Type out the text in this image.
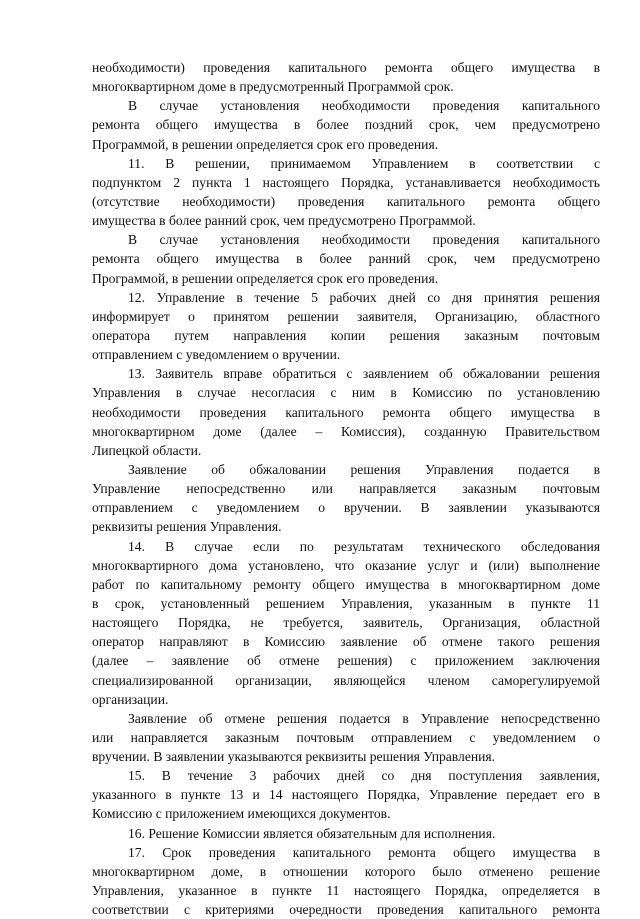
необходимости) проведения капитального ремонта общего имущества в
многоквартирном доме в предусмотренный Программой срок.

В случае установления необходимости проведения капитального
ремонта общего имущества в более поздний срок, чем предусмотрено
Программой, в решении определяется срок его проведения.

11. В решении, принимаемом Управлением в соответствии с
подпунктом 2 пункта 1 настоящего Порядка, устанавливается необходимость
(отсутствие необходимости) проведения капитального ремонта общего
имущества в более ранний срок, чем предусмотрено Программой.

В случае установления необходимости проведения капитального
ремонта общего имущества в более ранний срок, чем предусмотрено
Программой, в решении определяется срок его проведения.

12. Управление в течение 5 рабочих дней со дня принятия решения
информирует о принятом решении заявителя, Организацию, областного
оператора путем направления копии решения заказным почтовым
отправлением с уведомлением о вручении.

13. Заявитель вправе обратиться с заявлением об обжаловании решения
Управления в случае несогласия с ним в Комиссию по установлению
необходимости проведения капитального ремонта общего имущества в
многоквартирном доме (далее – Комиссия), созданную Правительством
Липецкой области.

Заявление об обжаловании решения Управления подается в
Управление непосредственно или направляется заказным почтовым
отправлением с уведомлением о вручении. В заявлении указываются
реквизиты решения Управления.

14. В случае если по результатам технического обследования
многоквартирного дома установлено, что оказание услуг и (или) выполнение
работ по капитальному ремонту общего имущества в многоквартирном доме
в срок, установленный решением Управления, указанным в пункте 11
настоящего Порядка, не требуется, заявитель, Организация, областной
оператор направляют в Комиссию заявление об отмене такого решения
(далее – заявление об отмене решения) с приложением заключения
специализированной организации, являющейся членом саморегулируемой
организации.

Заявление об отмене решения подается в Управление непосредственно
или направляется заказным почтовым отправлением с уведомлением о
вручении. В заявлении указываются реквизиты решения Управления.

15. В течение 3 рабочих дней со дня поступления заявления,
указанного в пункте 13 и 14 настоящего Порядка, Управление передает его в
Комиссию с приложением имеющихся документов.

16. Решение Комиссии является обязательным для исполнения.

17. Срок проведения капитального ремонта общего имущества в
многоквартирном доме, в отношении которого было отменено решение
Управления, указанное в пункте 11 настоящего Порядка, определяется в
соответствии с критериями очередности проведения капитального ремонта
